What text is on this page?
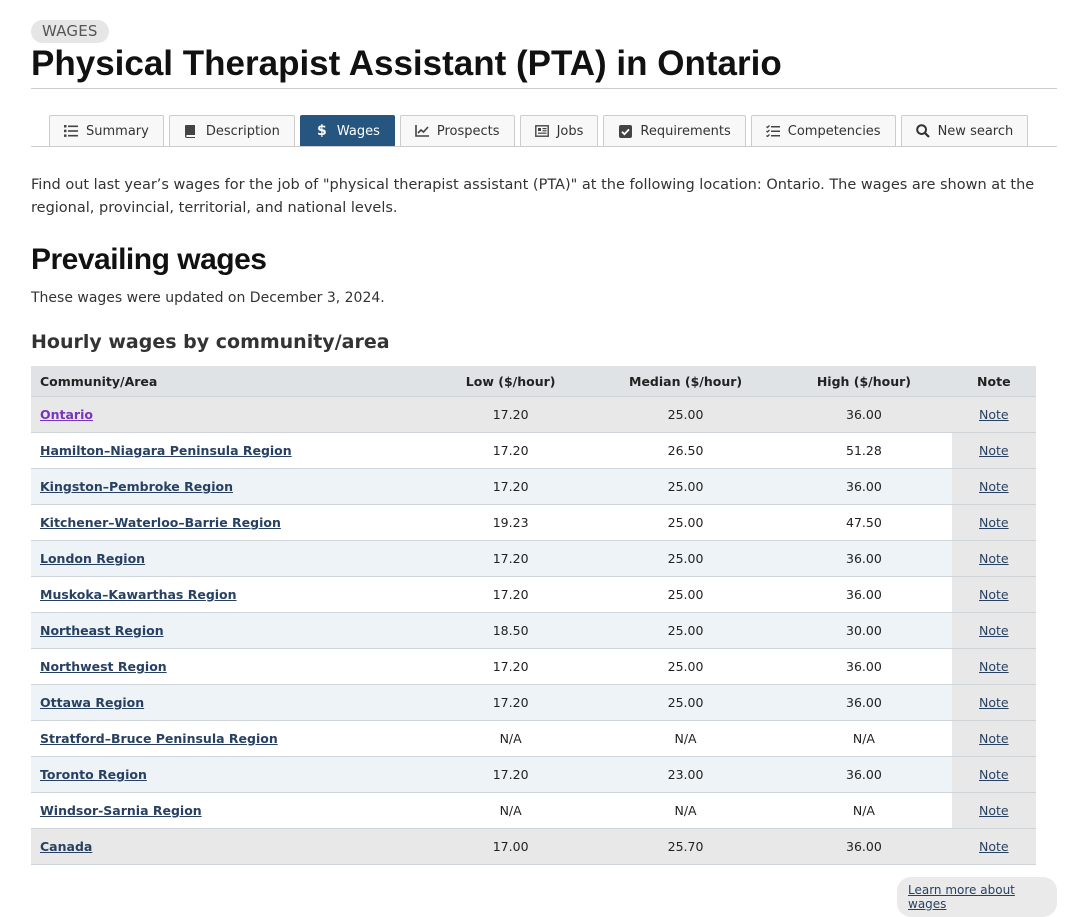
WAGES
Physical Therapist Assistant (PTA) in Ontario
Summary	Description	$ Wages	Prospects	Jobs	Requirements	Competencies	New search

Find out last year’s wages for the job of "physical therapist assistant (PTA)" at the following location: Ontario. The wages are shown at the regional, provincial, territorial, and national levels.

Prevailing wages

These wages were updated on December 3, 2024.

Hourly wages by community/area
Community/Area	Low ($/hour)	Median ($/hour)	High ($/hour)	Note
Ontario	17.20	25.00	36.00	Note
Hamilton–Niagara Peninsula Region	17.20	26.50	51.28	Note
Kingston–Pembroke Region	17.20	25.00	36.00	Note
Kitchener–Waterloo–Barrie Region	19.23	25.00	47.50	Note
London Region	17.20	25.00	36.00	Note
Muskoka–Kawarthas Region	17.20	25.00	36.00	Note
Northeast Region	18.50	25.00	30.00	Note
Northwest Region	17.20	25.00	36.00	Note
Ottawa Region	17.20	25.00	36.00	Note
Stratford–Bruce Peninsula Region	N/A	N/A	N/A	Note
Toronto Region	17.20	23.00	36.00	Note
Windsor-Sarnia Region	N/A	N/A	N/A	Note
Canada	17.00	25.70	36.00	Note
Learn more about wages
